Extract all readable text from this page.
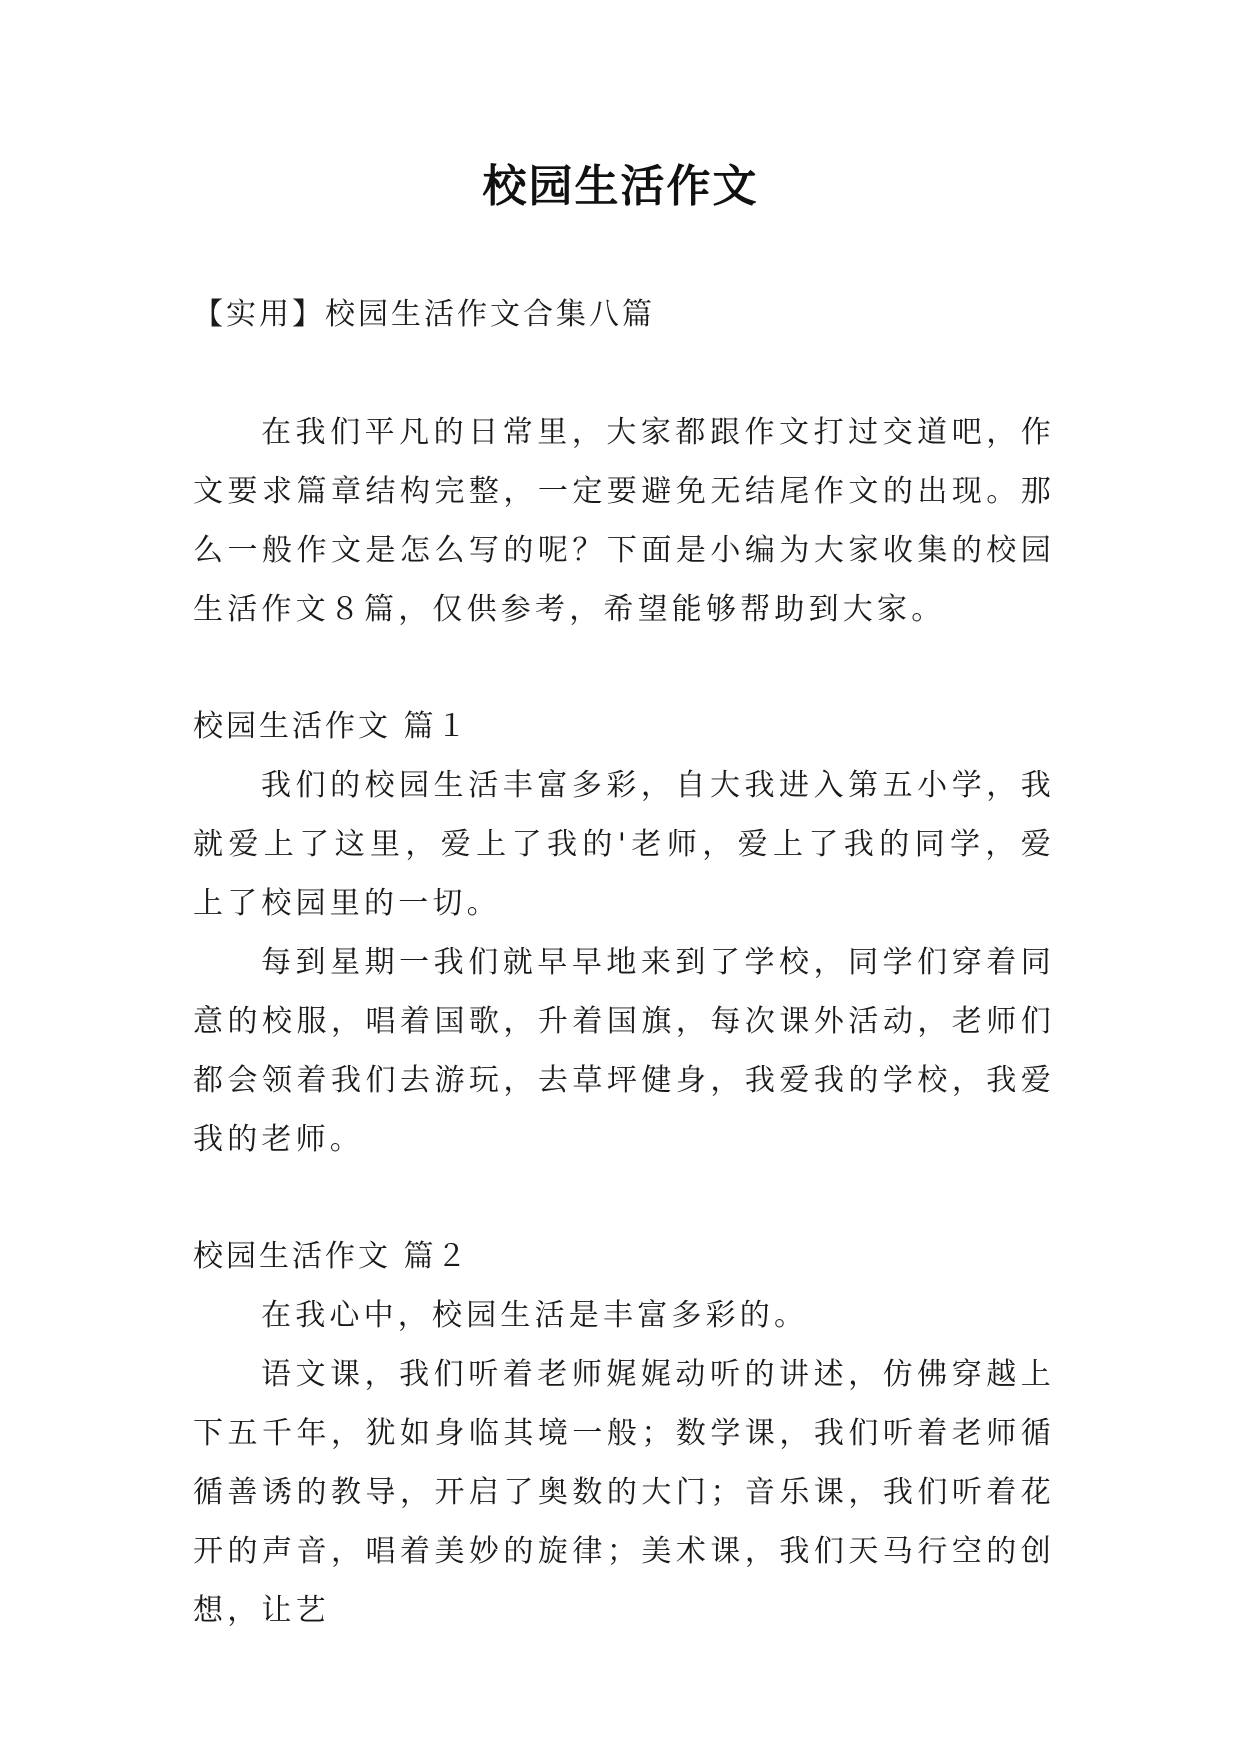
校园生活作文

【实用】校园生活作文合集八篇

在我们平凡的日常里，大家都跟作文打过交道吧，作文要求篇章结构完整，一定要避免无结尾作文的出现。那么一般作文是怎么写的呢？下面是小编为大家收集的校园生活作文８篇，仅供参考，希望能够帮助到大家。

校园生活作文 篇１

我们的校园生活丰富多彩，自大我进入第五小学，我就爱上了这里，爱上了我的'老师，爱上了我的同学，爱上了校园里的一切。

每到星期一我们就早早地来到了学校，同学们穿着同意的校服，唱着国歌，升着国旗，每次课外活动，老师们都会领着我们去游玩，去草坪健身，我爱我的学校，我爱我的老师。

校园生活作文 篇２

在我心中，校园生活是丰富多彩的。

语文课，我们听着老师娓娓动听的讲述，仿佛穿越上下五千年，犹如身临其境一般；数学课，我们听着老师循循善诱的教导，开启了奥数的大门；音乐课，我们听着花开的声音，唱着美妙的旋律；美术课，我们天马行空的创想，让艺
